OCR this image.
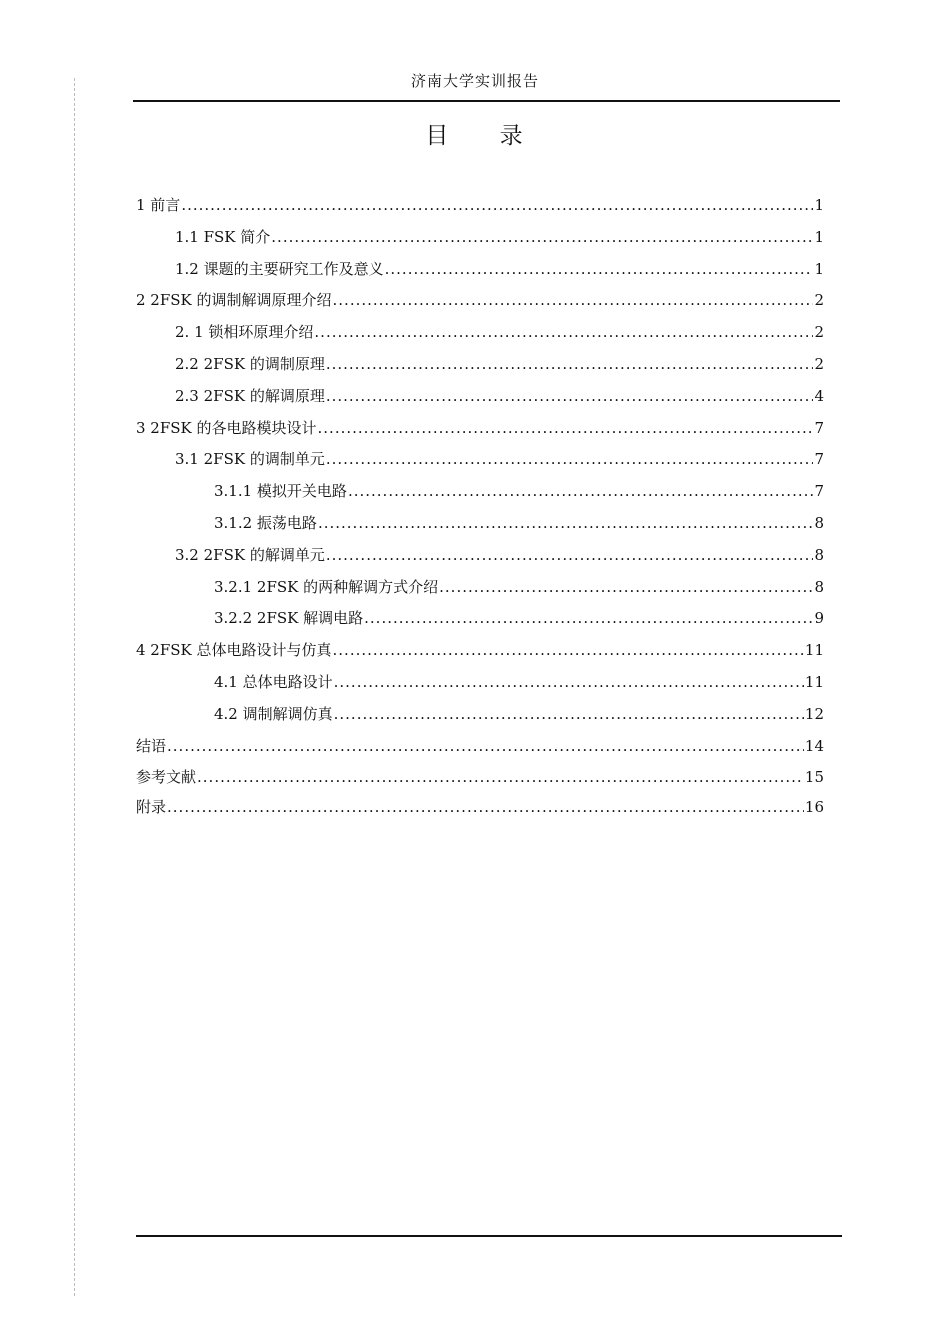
济南大学实训报告
目 录
1 前言 .....	1
1.1 FSK 简介 .....	1
1.2 课题的主要研究工作及意义 .....	1
2 2FSK 的调制解调原理介绍 .....	2
2. 1 锁相环原理介绍 .....	2
2.2 2FSK 的调制原理 .....	2
2.3 2FSK 的解调原理 .....	4
3 2FSK 的各电路模块设计 .....	7
3.1 2FSK 的调制单元 .....	7
3.1.1 模拟开关电路 .....	7
3.1.2 振荡电路 .....	8
3.2 2FSK 的解调单元 .....	8
3.2.1 2FSK 的两种解调方式介绍 .....	8
3.2.2 2FSK 解调电路 .....	9
4 2FSK 总体电路设计与仿真 .....	11
4.1 总体电路设计 .....	11
4.2 调制解调仿真 .....	12
结语 .....	14
参考文献 .....	15
附录 .....	16
